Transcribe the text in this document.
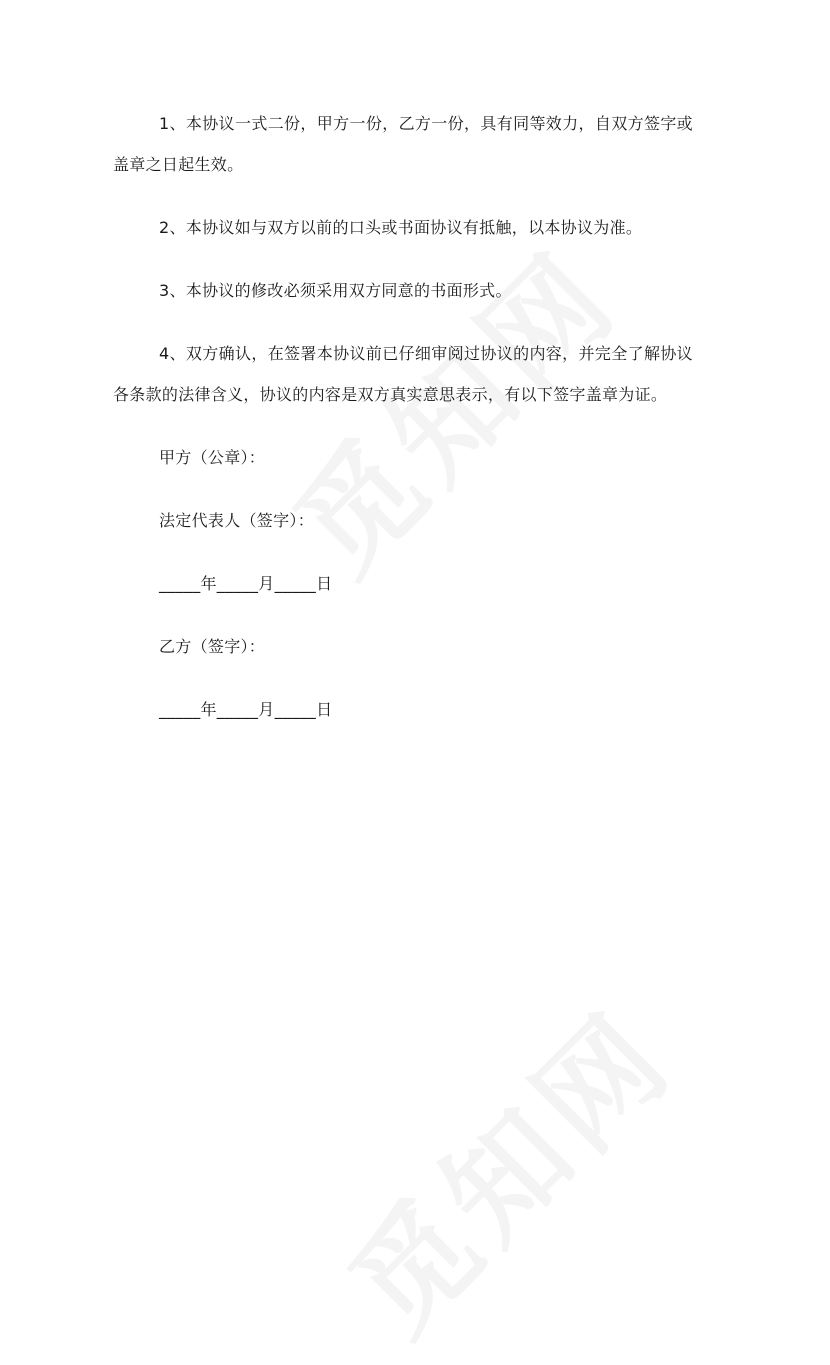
1、本协议一式二份，甲方一份，乙方一份，具有同等效力，自双方签字或盖章之日起生效。

2、本协议如与双方以前的口头或书面协议有抵触，以本协议为准。

3、本协议的修改必须采用双方同意的书面形式。

4、双方确认，在签署本协议前已仔细审阅过协议的内容，并完全了解协议各条款的法律含义，协议的内容是双方真实意思表示，有以下签字盖章为证。

甲方（公章）：

法定代表人（签字）：

_____年_____月_____日

乙方（签字）：

_____年_____月_____日
